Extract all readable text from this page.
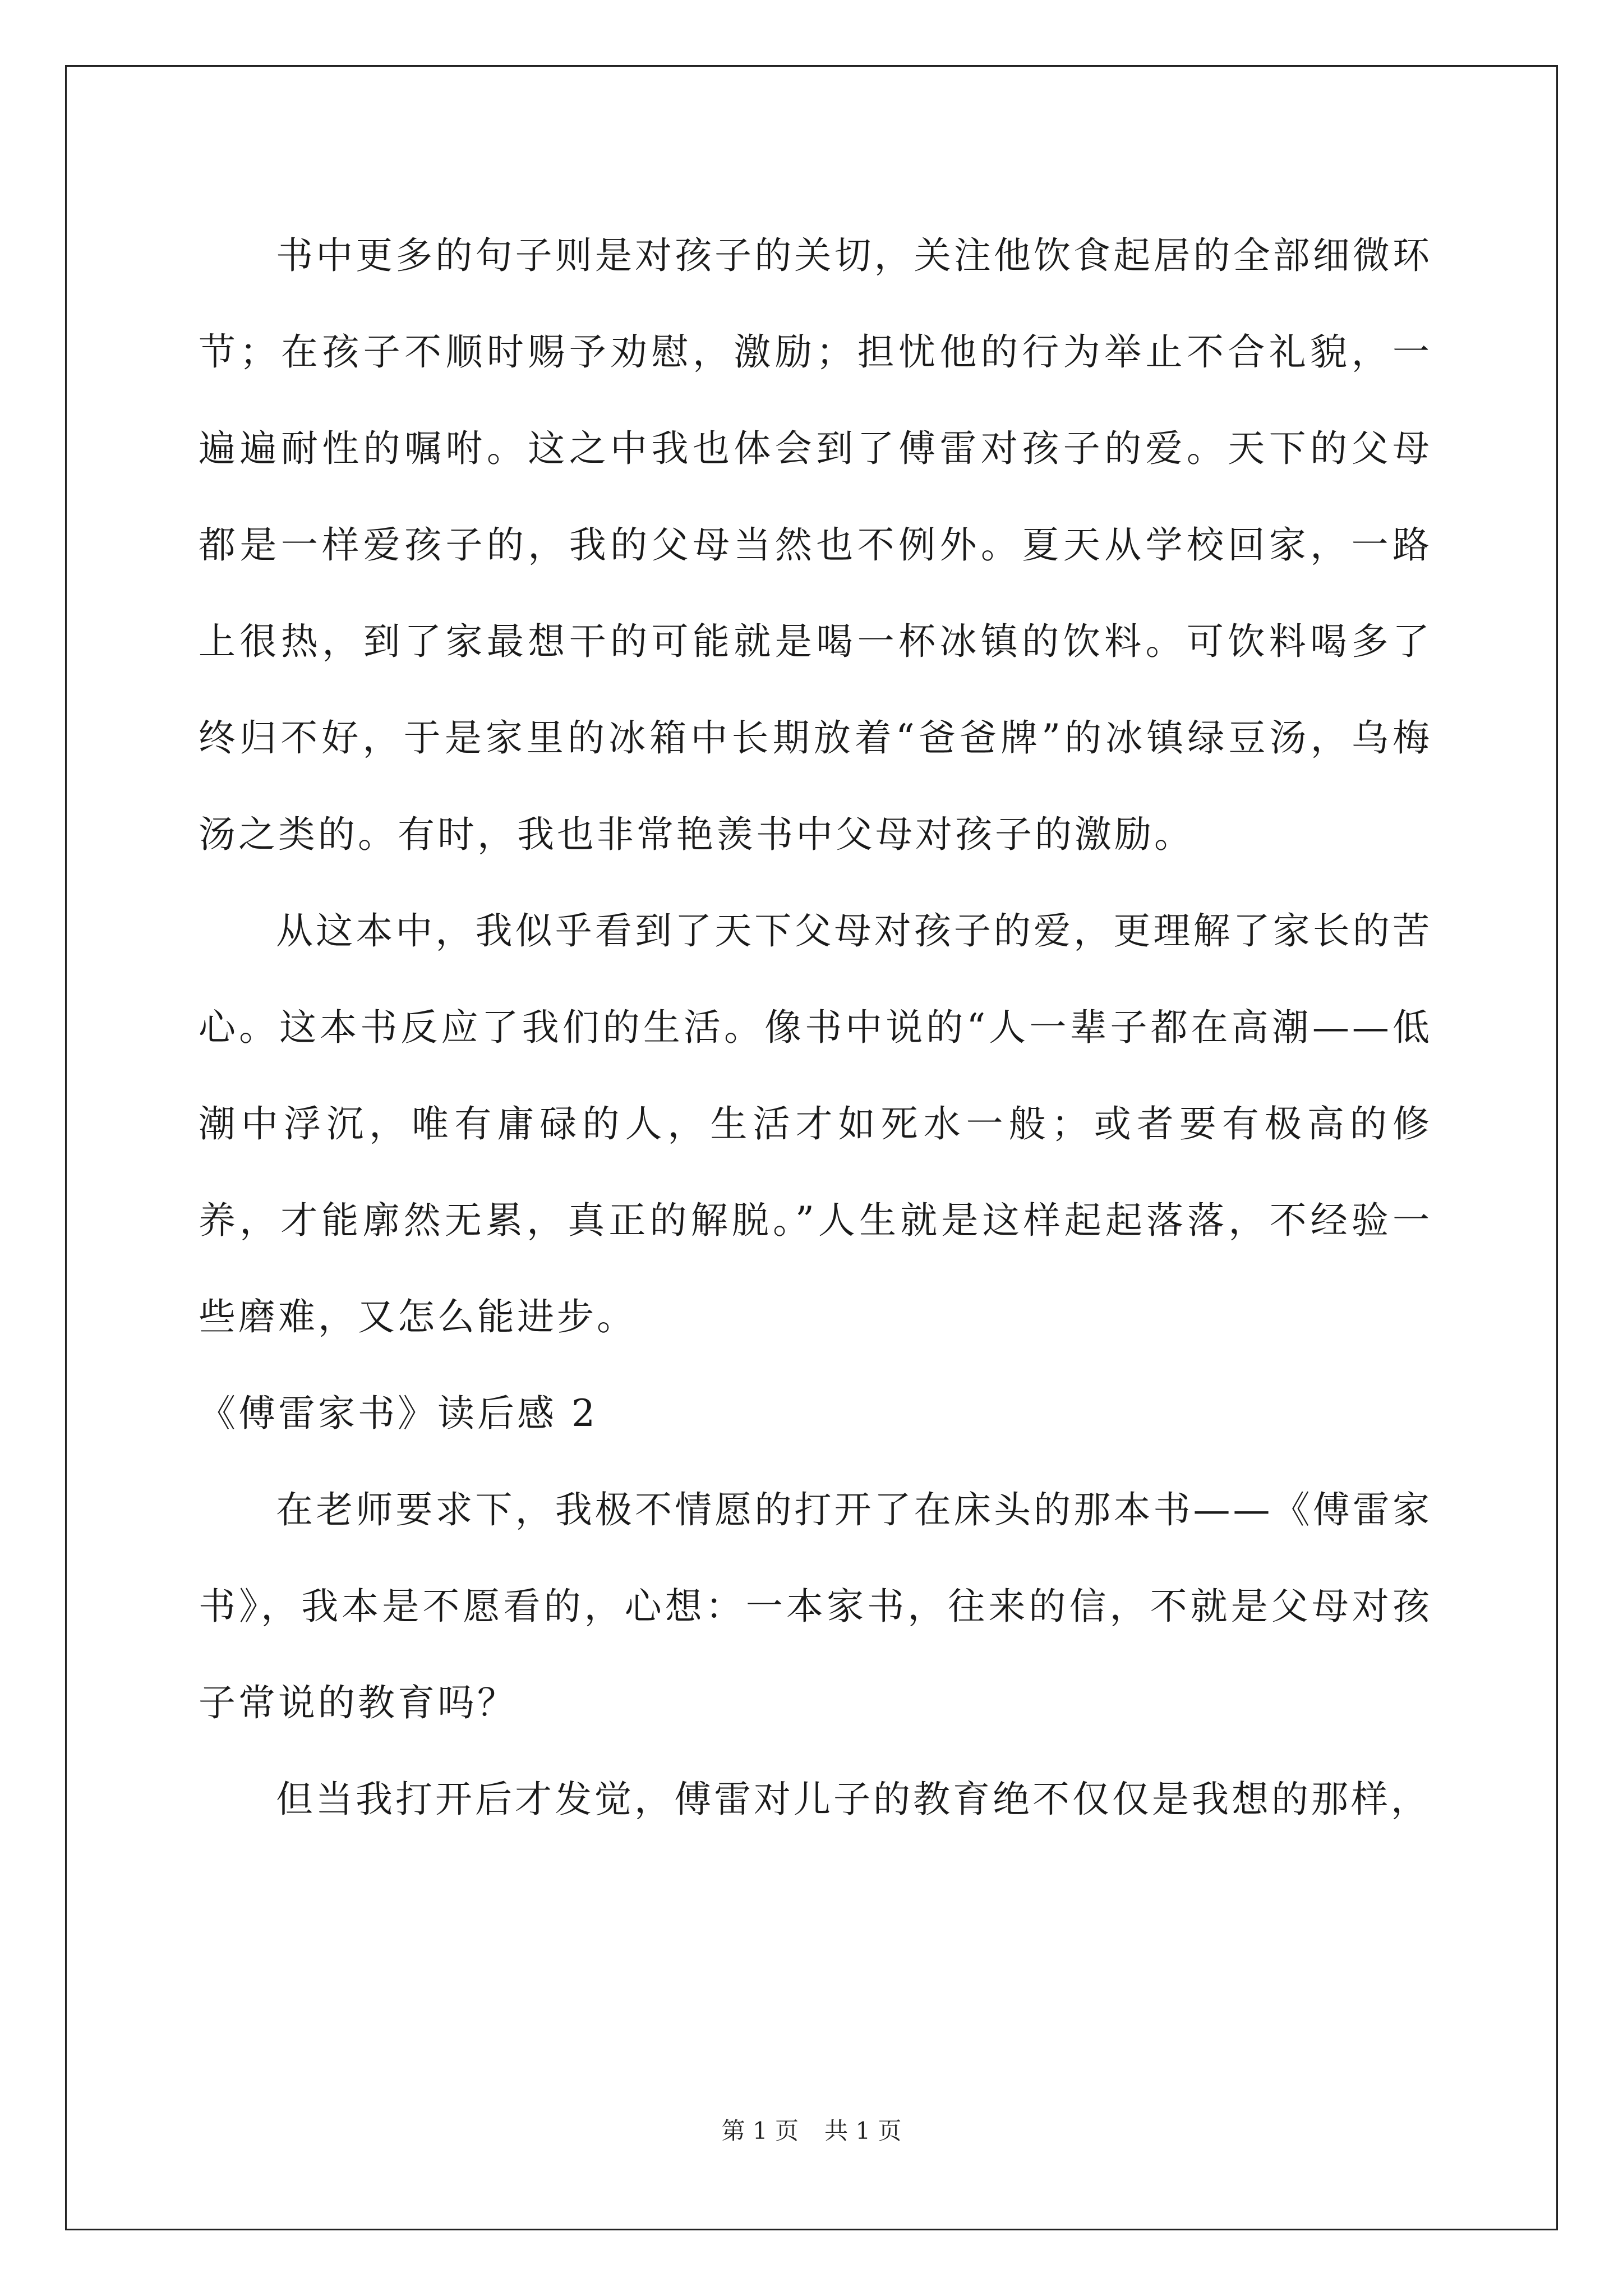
书中更多的句子则是对孩子的关切，关注他饮食起居的全部细微环节；在孩子不顺时赐予劝慰，激励；担忧他的行为举止不合礼貌，一遍遍耐性的嘱咐。这之中我也体会到了傅雷对孩子的爱。天下的父母都是一样爱孩子的，我的父母当然也不例外。夏天从学校回家，一路上很热，到了家最想干的可能就是喝一杯冰镇的饮料。可饮料喝多了终归不好，于是家里的冰箱中长期放着“爸爸牌”的冰镇绿豆汤，乌梅汤之类的。有时，我也非常艳羡书中父母对孩子的激励。

从这本中，我似乎看到了天下父母对孩子的爱，更理解了家长的苦心。这本书反应了我们的生活。像书中说的“人一辈子都在高潮——低潮中浮沉，唯有庸碌的人，生活才如死水一般；或者要有极高的修养，才能廓然无累，真正的解脱。”人生就是这样起起落落，不经验一些磨难，又怎么能进步。

《傅雷家书》读后感 2

在老师要求下，我极不情愿的打开了在床头的那本书——《傅雷家书》，我本是不愿看的，心想：一本家书，往来的信，不就是父母对孩子常说的教育吗？

但当我打开后才发觉，傅雷对儿子的教育绝不仅仅是我想的那样，

第 1 页 共 1 页
